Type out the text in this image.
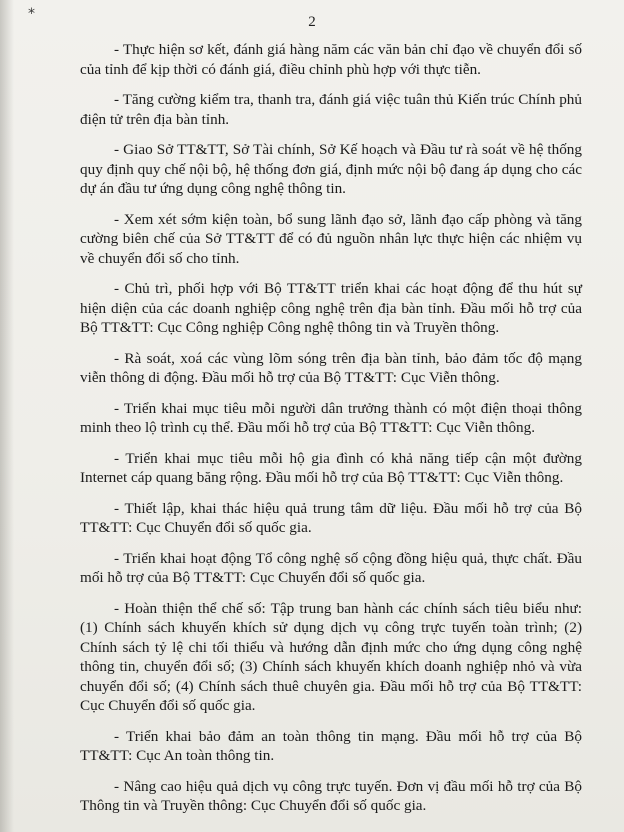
*	2

- Thực hiện sơ kết, đánh giá hàng năm các văn bản chỉ đạo về chuyển đổi số của tỉnh để kịp thời có đánh giá, điều chỉnh phù hợp với thực tiễn.

- Tăng cường kiểm tra, thanh tra, đánh giá việc tuân thủ Kiến trúc Chính phủ điện tử trên địa bàn tỉnh.

- Giao Sở TT&TT, Sở Tài chính, Sở Kế hoạch và Đầu tư rà soát về hệ thống quy định quy chế nội bộ, hệ thống đơn giá, định mức nội bộ đang áp dụng cho các dự án đầu tư ứng dụng công nghệ thông tin.

- Xem xét sớm kiện toàn, bổ sung lãnh đạo sở, lãnh đạo cấp phòng và tăng cường biên chế của Sở TT&TT để có đủ nguồn nhân lực thực hiện các nhiệm vụ về chuyển đổi số cho tỉnh.

- Chủ trì, phối hợp với Bộ TT&TT triển khai các hoạt động để thu hút sự hiện diện của các doanh nghiệp công nghệ trên địa bàn tỉnh. Đầu mối hỗ trợ của Bộ TT&TT: Cục Công nghiệp Công nghệ thông tin và Truyền thông.

- Rà soát, xoá các vùng lõm sóng trên địa bàn tỉnh, bảo đảm tốc độ mạng viễn thông di động. Đầu mối hỗ trợ của Bộ TT&TT: Cục Viễn thông.

- Triển khai mục tiêu mỗi người dân trưởng thành có một điện thoại thông minh theo lộ trình cụ thể. Đầu mối hỗ trợ của Bộ TT&TT: Cục Viễn thông.

- Triển khai mục tiêu mỗi hộ gia đình có khả năng tiếp cận một đường Internet cáp quang băng rộng. Đầu mối hỗ trợ của Bộ TT&TT: Cục Viễn thông.

- Thiết lập, khai thác hiệu quả trung tâm dữ liệu. Đầu mối hỗ trợ của Bộ TT&TT: Cục Chuyển đổi số quốc gia.

- Triển khai hoạt động Tổ công nghệ số cộng đồng hiệu quả, thực chất. Đầu mối hỗ trợ của Bộ TT&TT: Cục Chuyển đổi số quốc gia.

- Hoàn thiện thể chế số: Tập trung ban hành các chính sách tiêu biểu như: (1) Chính sách khuyến khích sử dụng dịch vụ công trực tuyến toàn trình; (2) Chính sách tỷ lệ chi tối thiểu và hướng dẫn định mức cho ứng dụng công nghệ thông tin, chuyển đổi số; (3) Chính sách khuyến khích doanh nghiệp nhỏ và vừa chuyển đổi số; (4) Chính sách thuê chuyên gia. Đầu mối hỗ trợ của Bộ TT&TT: Cục Chuyển đổi số quốc gia.

- Triển khai bảo đảm an toàn thông tin mạng. Đầu mối hỗ trợ của Bộ TT&TT: Cục An toàn thông tin.

- Nâng cao hiệu quả dịch vụ công trực tuyến. Đơn vị đầu mối hỗ trợ của Bộ Thông tin và Truyền thông: Cục Chuyển đổi số quốc gia.
